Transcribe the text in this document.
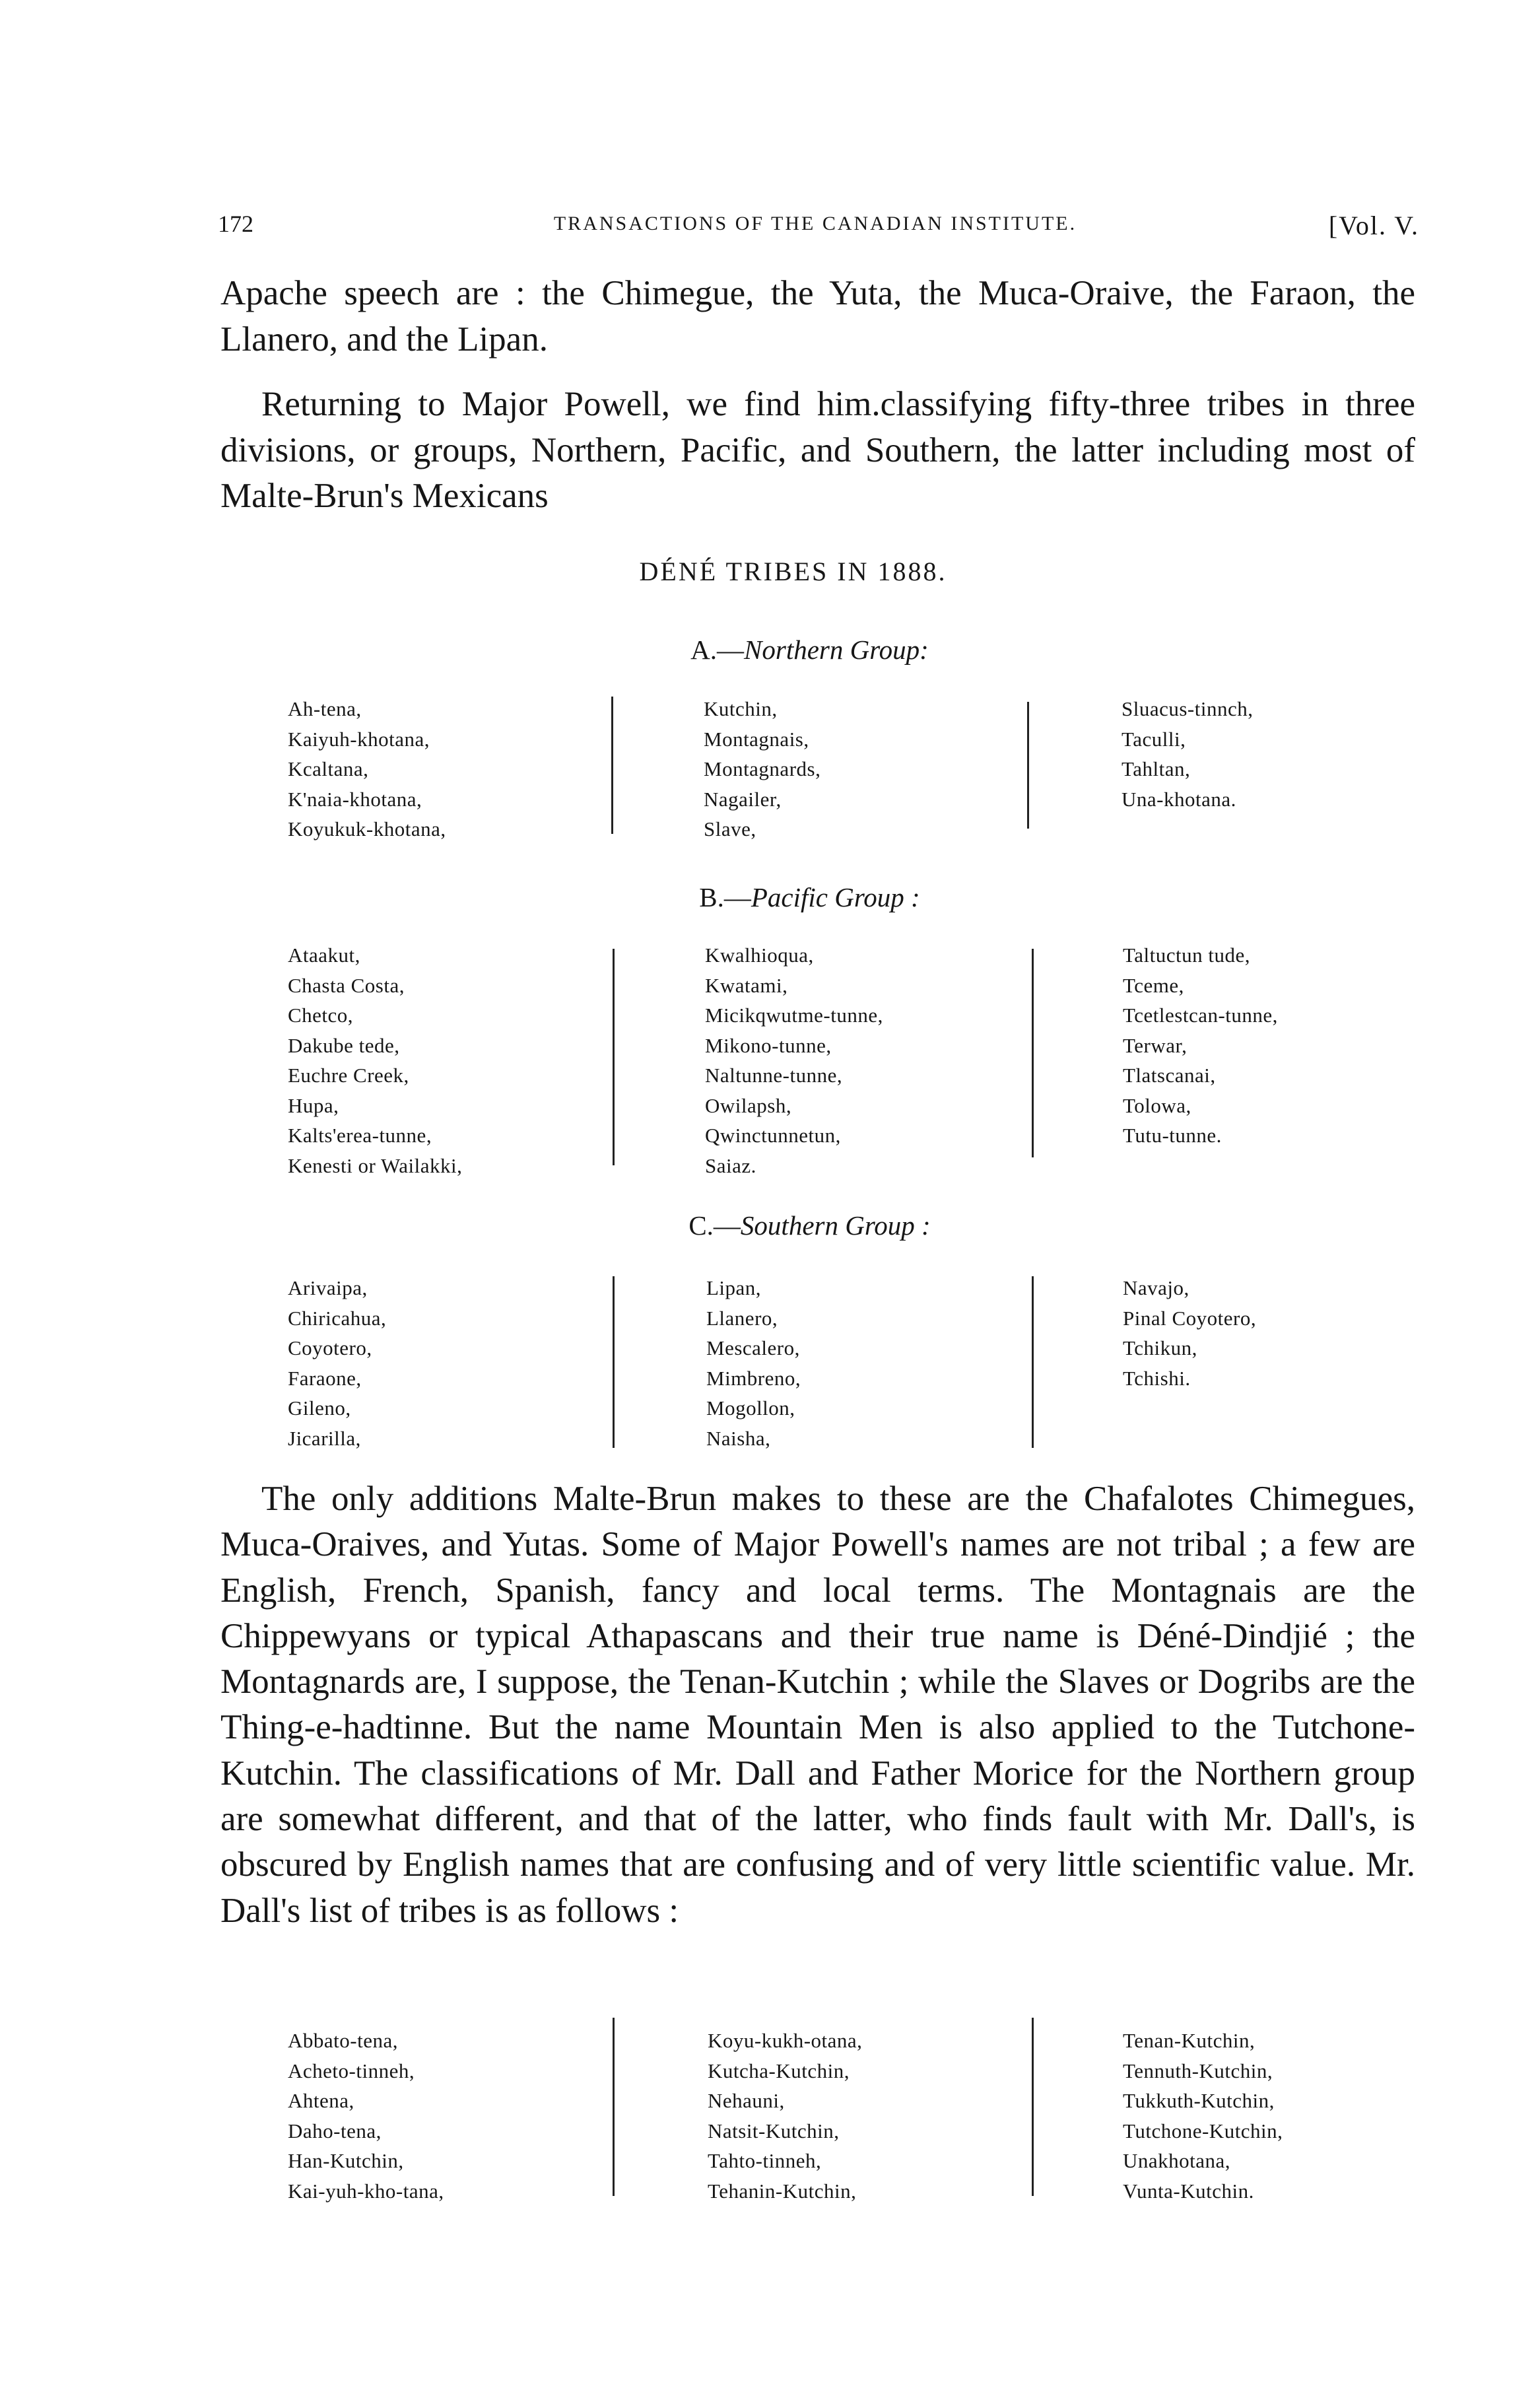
172	TRANSACTIONS OF THE CANADIAN INSTITUTE.	[Vol. V.

Apache speech are : the Chimegue, the Yuta, the Muca-Oraive, the Faraon, the Llanero, and the Lipan.

Returning to Major Powell, we find him.classifying fifty-three tribes in three divisions, or groups, Northern, Pacific, and Southern, the latter including most of Malte-Brun's Mexicans

DÉNÉ TRIBES IN 1888.
A.—Northern Group:
Ah-tena,
Kaiyuh-khotana,
Kcaltana,
K'naia-khotana,
Koyukuk-khotana,
Kutchin,
Montagnais,
Montagnards,
Nagailer,
Slave,
Sluacus-tinnch,
Taculli,
Tahltan,
Una-khotana.
B.—Pacific Group :
Ataakut,
Chasta Costa,
Chetco,
Dakube tede,
Euchre Creek,
Hupa,
Kalts'erea-tunne,
Kenesti or Wailakki,
Kwalhioqua,
Kwatami,
Micikqwutme-tunne,
Mikono-tunne,
Naltunne-tunne,
Owilapsh,
Qwinctunnetun,
Saiaz.
Taltuctun tude,
Tceme,
Tcetlestcan-tunne,
Terwar,
Tlatscanai,
Tolowa,
Tutu-tunne.
C.—Southern Group :
Arivaipa,
Chiricahua,
Coyotero,
Faraone,
Gileno,
Jicarilla,
Lipan,
Llanero,
Mescalero,
Mimbreno,
Mogollon,
Naisha,
Navajo,
Pinal Coyotero,
Tchikun,
Tchishi.

The only additions Malte-Brun makes to these are the Chafalotes Chimegues, Muca-Oraives, and Yutas. Some of Major Powell's names are not tribal ; a few are English, French, Spanish, fancy and local terms. The Montagnais are the Chippewyans or typical Athapascans and their true name is Déné-Dindjié ; the Montagnards are, I suppose, the Tenan-Kutchin ; while the Slaves or Dogribs are the Thing-e-hadtinne. But the name Mountain Men is also applied to the Tutchone-Kutchin. The classifications of Mr. Dall and Father Morice for the Northern group are somewhat different, and that of the latter, who finds fault with Mr. Dall's, is obscured by English names that are confusing and of very little scientific value. Mr. Dall's list of tribes is as follows :

Abbato-tena,
Acheto-tinneh,
Ahtena,
Daho-tena,
Han-Kutchin,
Kai-yuh-kho-tana,
Koyu-kukh-otana,
Kutcha-Kutchin,
Nehauni,
Natsit-Kutchin,
Tahto-tinneh,
Tehanin-Kutchin,
Tenan-Kutchin,
Tennuth-Kutchin,
Tukkuth-Kutchin,
Tutchone-Kutchin,
Unakhotana,
Vunta-Kutchin.
